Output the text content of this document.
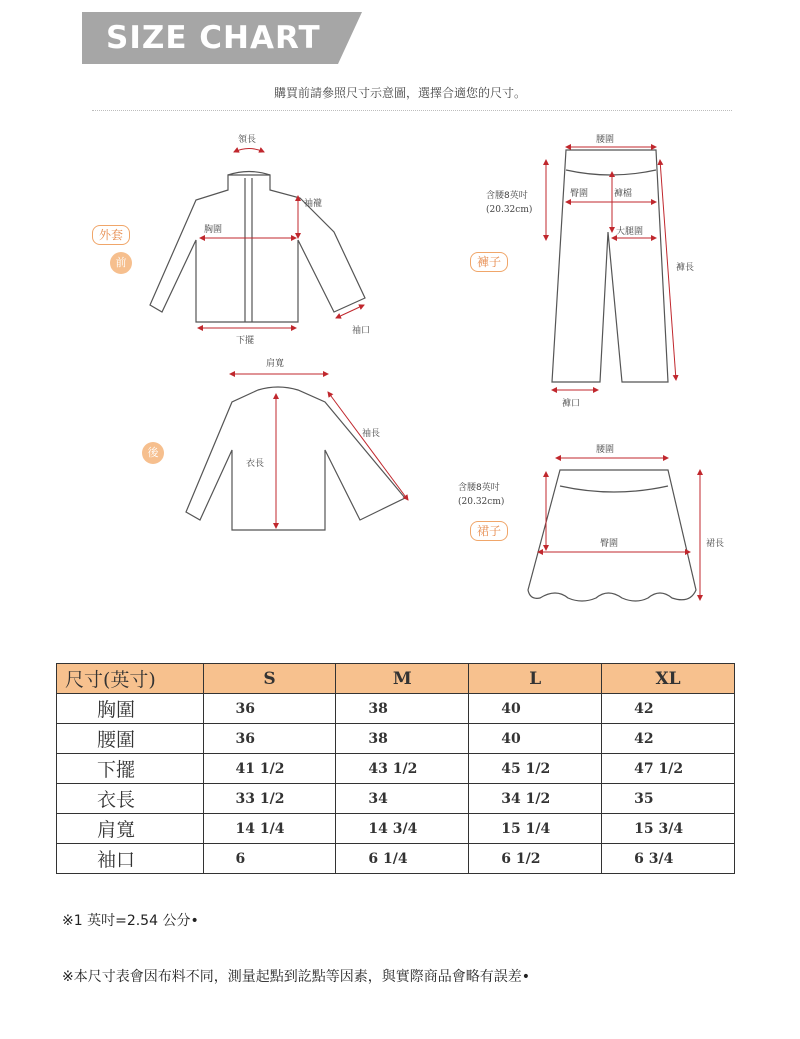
SIZE CHART
購買前請參照尺寸示意圖，選擇合適您的尺寸。
領長
袖襱
胸圍
下擺
袖口
肩寬
袖長
衣長
腰圍
含腰8英吋
(20.32cm)
臀圍	褲檔
大腿圍
褲長
褲口
腰圍
含腰8英吋
(20.32cm)
臀圍	裙長
外套
前
後
褲子
裙子
尺寸(英寸)	S	M	L	XL
胸圍	36	38	40	42
腰圍	36	38	40	42
下擺	41 1/2	43 1/2	45 1/2	47 1/2
衣長	33 1/2	34	34 1/2	35
肩寬	14 1/4	14 3/4	15 1/4	15 3/4
袖口	6	6 1/4	6 1/2	6 3/4
※1 英吋=2.54 公分•
※本尺寸表會因布料不同，測量起點到訖點等因素，與實際商品會略有誤差•
